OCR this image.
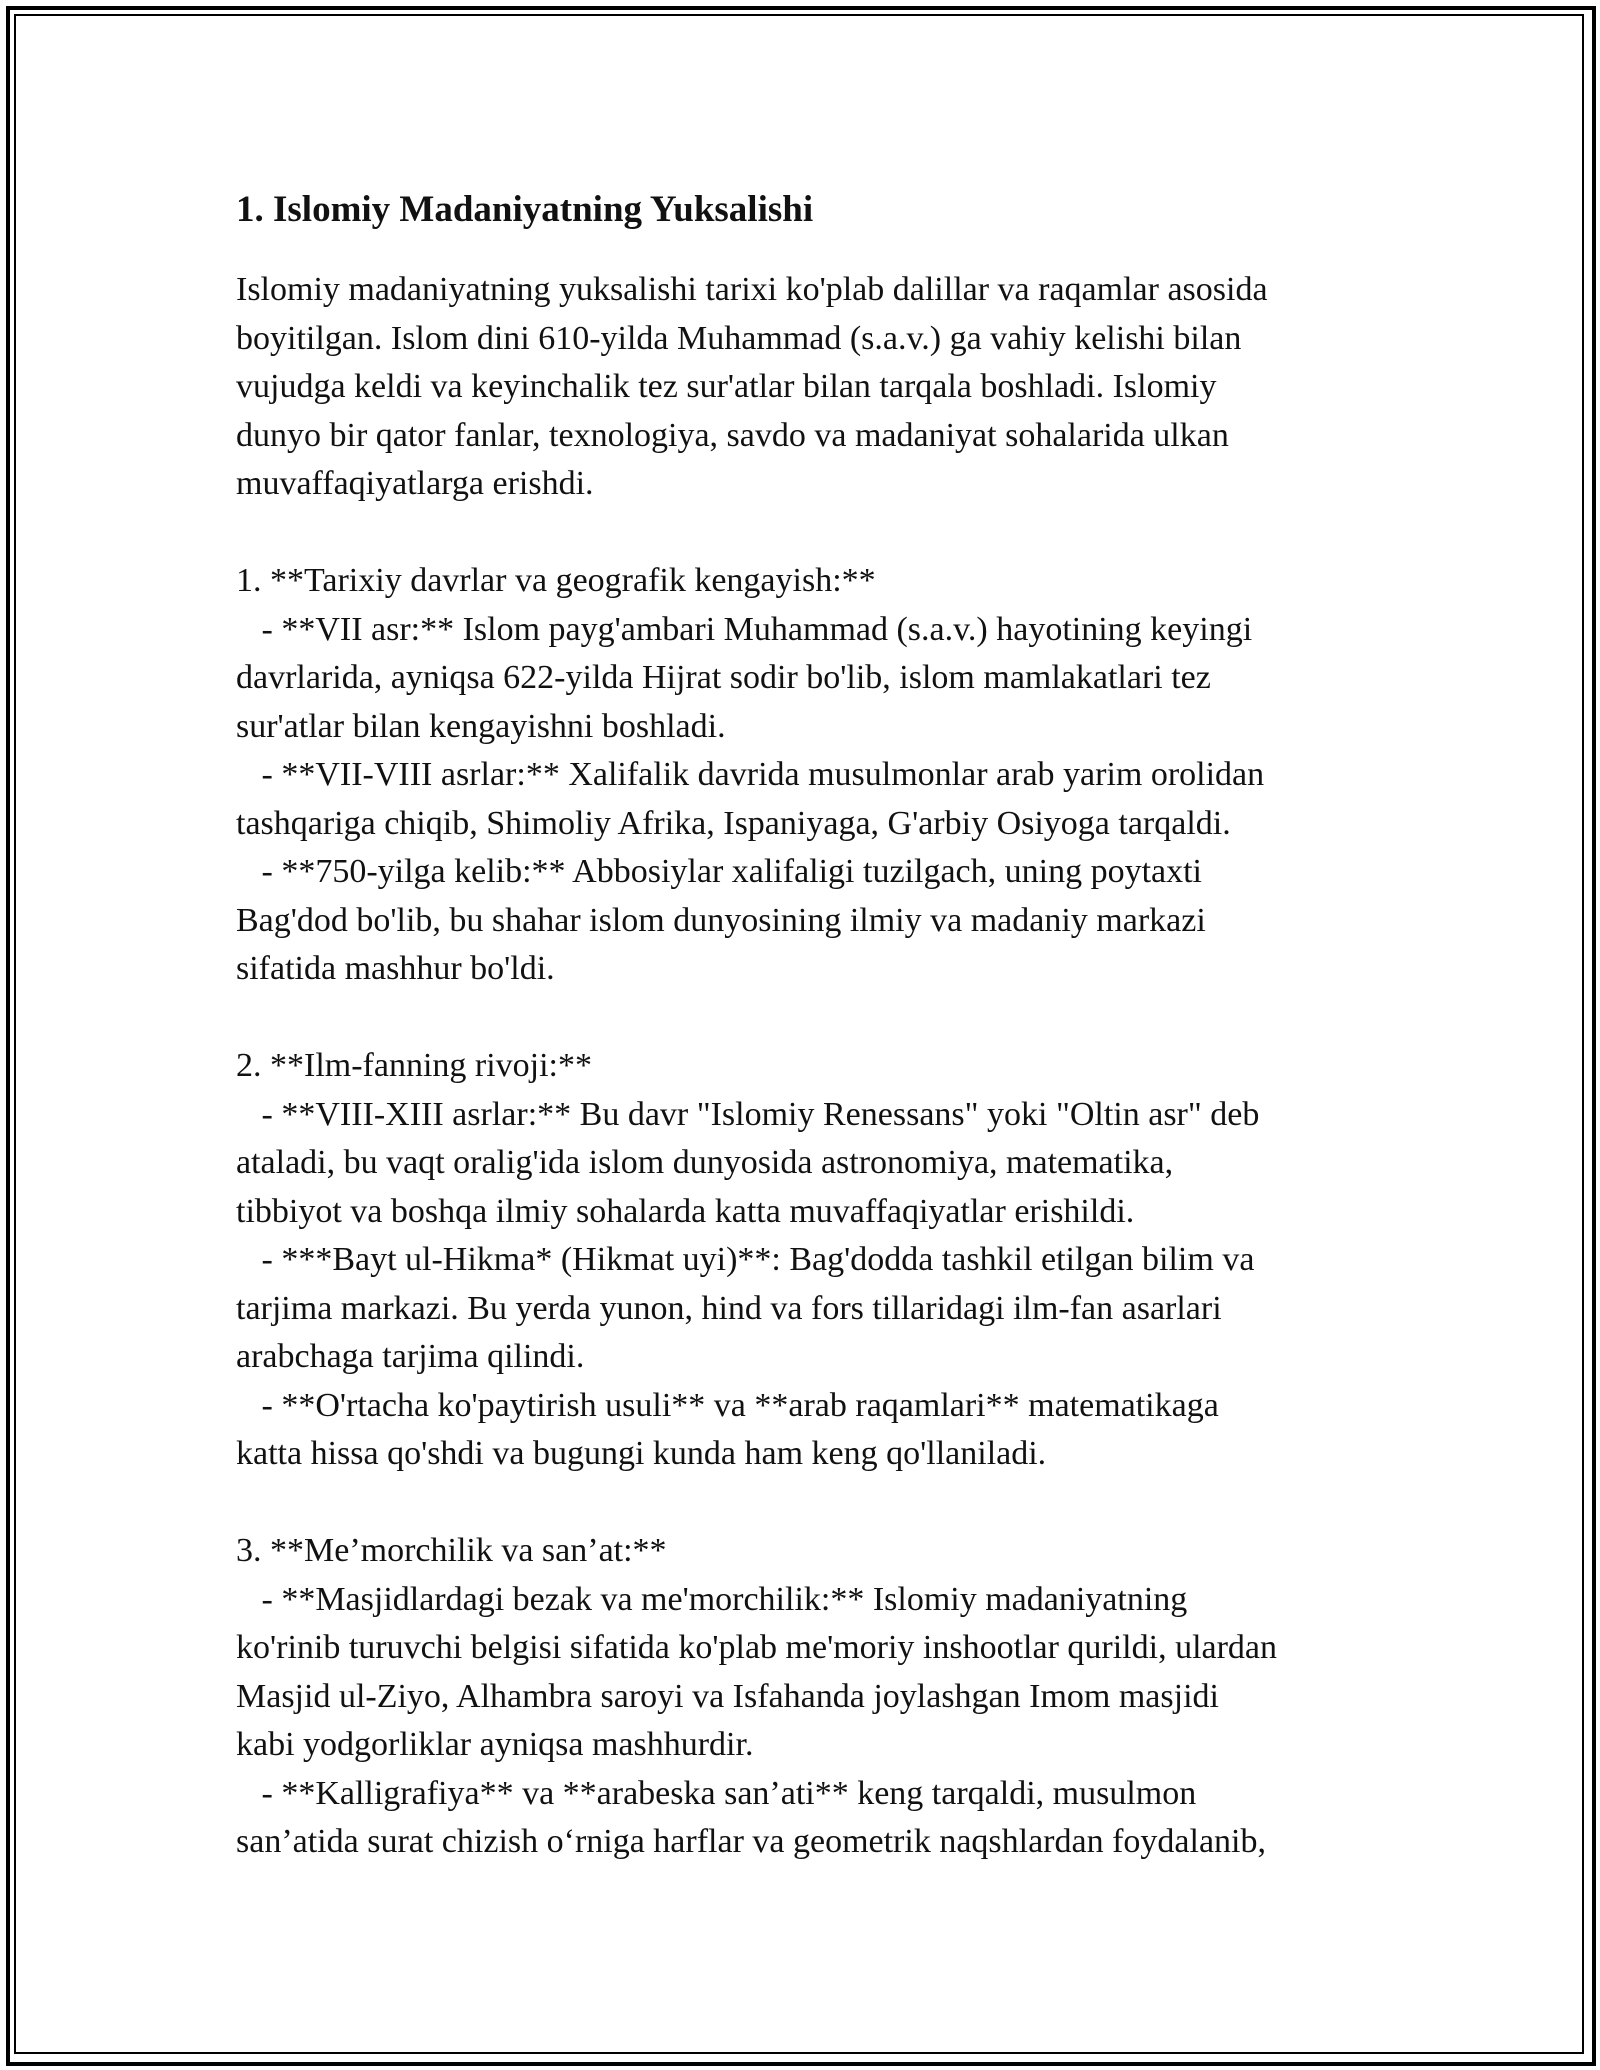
1. Islomiy Madaniyatning Yuksalishi
Islomiy madaniyatning yuksalishi tarixi ko'plab dalillar va raqamlar asosida
boyitilgan. Islom dini 610-yilda Muhammad (s.a.v.) ga vahiy kelishi bilan
vujudga keldi va keyinchalik tez sur'atlar bilan tarqala boshladi. Islomiy
dunyo bir qator fanlar, texnologiya, savdo va madaniyat sohalarida ulkan
muvaffaqiyatlarga erishdi.
1. **Tarixiy davrlar va geografik kengayish:**
- **VII asr:** Islom payg'ambari Muhammad (s.a.v.) hayotining keyingi
davrlarida, ayniqsa 622-yilda Hijrat sodir bo'lib, islom mamlakatlari tez
sur'atlar bilan kengayishni boshladi.
- **VII-VIII asrlar:** Xalifalik davrida musulmonlar arab yarim orolidan
tashqariga chiqib, Shimoliy Afrika, Ispaniyaga, G'arbiy Osiyoga tarqaldi.
- **750-yilga kelib:** Abbosiylar xalifaligi tuzilgach, uning poytaxti
Bag'dod bo'lib, bu shahar islom dunyosining ilmiy va madaniy markazi
sifatida mashhur bo'ldi.
2. **Ilm-fanning rivoji:**
- **VIII-XIII asrlar:** Bu davr "Islomiy Renessans" yoki "Oltin asr" deb
ataladi, bu vaqt oralig'ida islom dunyosida astronomiya, matematika,
tibbiyot va boshqa ilmiy sohalarda katta muvaffaqiyatlar erishildi.
- ***Bayt ul-Hikma* (Hikmat uyi)**: Bag'dodda tashkil etilgan bilim va
tarjima markazi. Bu yerda yunon, hind va fors tillaridagi ilm-fan asarlari
arabchaga tarjima qilindi.
- **O'rtacha ko'paytirish usuli** va **arab raqamlari** matematikaga
katta hissa qo'shdi va bugungi kunda ham keng qo'llaniladi.
3. **Me’morchilik va san’at:**
- **Masjidlardagi bezak va me'morchilik:** Islomiy madaniyatning
ko'rinib turuvchi belgisi sifatida ko'plab me'moriy inshootlar qurildi, ulardan
Masjid ul-Ziyo, Alhambra saroyi va Isfahanda joylashgan Imom masjidi
kabi yodgorliklar ayniqsa mashhurdir.
- **Kalligrafiya** va **arabeska san’ati** keng tarqaldi, musulmon
san’atida surat chizish o‘rniga harflar va geometrik naqshlardan foydalanib,
